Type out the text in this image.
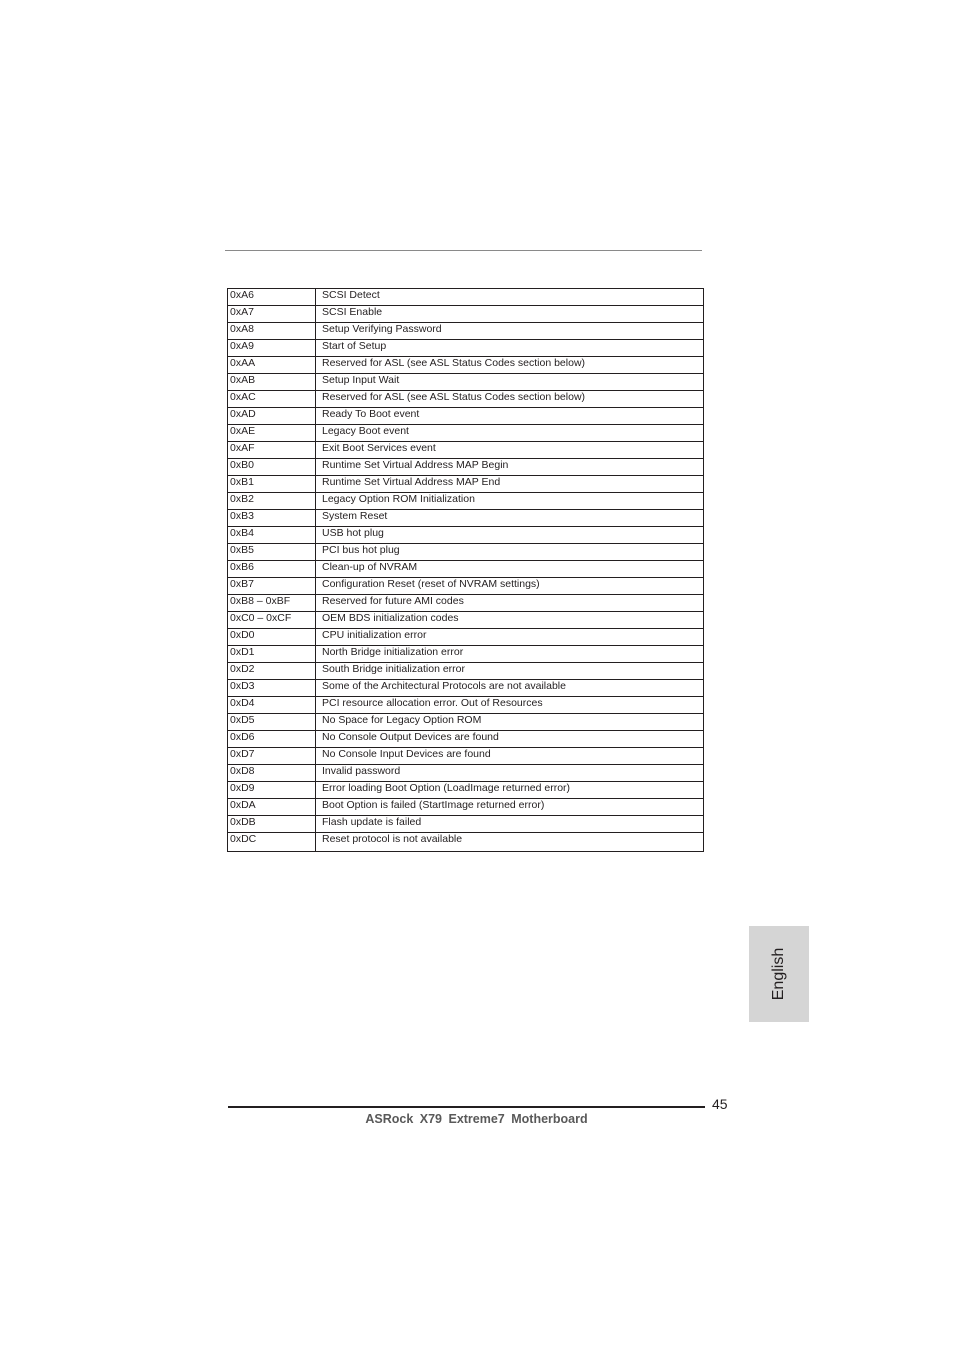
0xA6	SCSI Detect
0xA7	SCSI Enable
0xA8	Setup Verifying Password
0xA9	Start of Setup
0xAA	Reserved for ASL (see ASL Status Codes section below)
0xAB	Setup Input Wait
0xAC	Reserved for ASL (see ASL Status Codes section below)
0xAD	Ready To Boot event
0xAE	Legacy Boot event
0xAF	Exit Boot Services event
0xB0	Runtime Set Virtual Address MAP Begin
0xB1	Runtime Set Virtual Address MAP End
0xB2	Legacy Option ROM Initialization
0xB3	System Reset
0xB4	USB hot plug
0xB5	PCI bus hot plug
0xB6	Clean-up of NVRAM
0xB7	Configuration Reset (reset of NVRAM settings)
0xB8 – 0xBF	Reserved for future AMI codes
0xC0 – 0xCF	OEM BDS initialization codes
0xD0	CPU initialization error
0xD1	North Bridge initialization error
0xD2	South Bridge initialization error
0xD3	Some of the Architectural Protocols are not available
0xD4	PCI resource allocation error. Out of Resources
0xD5	No Space for Legacy Option ROM
0xD6	No Console Output Devices are found
0xD7	No Console Input Devices are found
0xD8	Invalid password
0xD9	Error loading Boot Option (LoadImage returned error)
0xDA	Boot Option is failed (StartImage returned error)
0xDB	Flash update is failed
0xDC	Reset protocol is not available
English
45
ASRock X79 Extreme7 Motherboard
